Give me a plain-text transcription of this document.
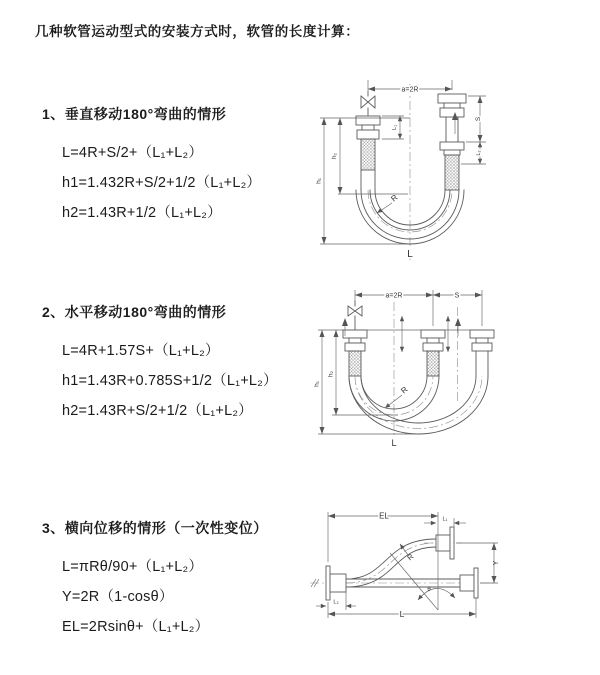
几种软管运动型式的安装方式时，软管的长度计算：
1、垂直移动180°弯曲的情形
L=4R+S/2+（L₁+L₂）
h1=1.432R+S/2+1/2（L₁+L₂）
h2=1.43R+1/2（L₁+L₂）
2、水平移动180°弯曲的情形
L=4R+1.57S+（L₁+L₂）
h1=1.43R+0.785S+1/2（L₁+L₂）
h2=1.43R+S/2+1/2（L₁+L₂）
3、横向位移的情形（一次性变位）
L=πRθ/90+（L₁+L₂）
Y=2R（1-cosθ）
EL=2Rsinθ+（L₁+L₂）
a=2R
h₂
h₁
L₁
S
L₂
R
L
a=2R	S
h₂
h₁
R
L
θ
EL	L₁
Y
L
L₂
R
